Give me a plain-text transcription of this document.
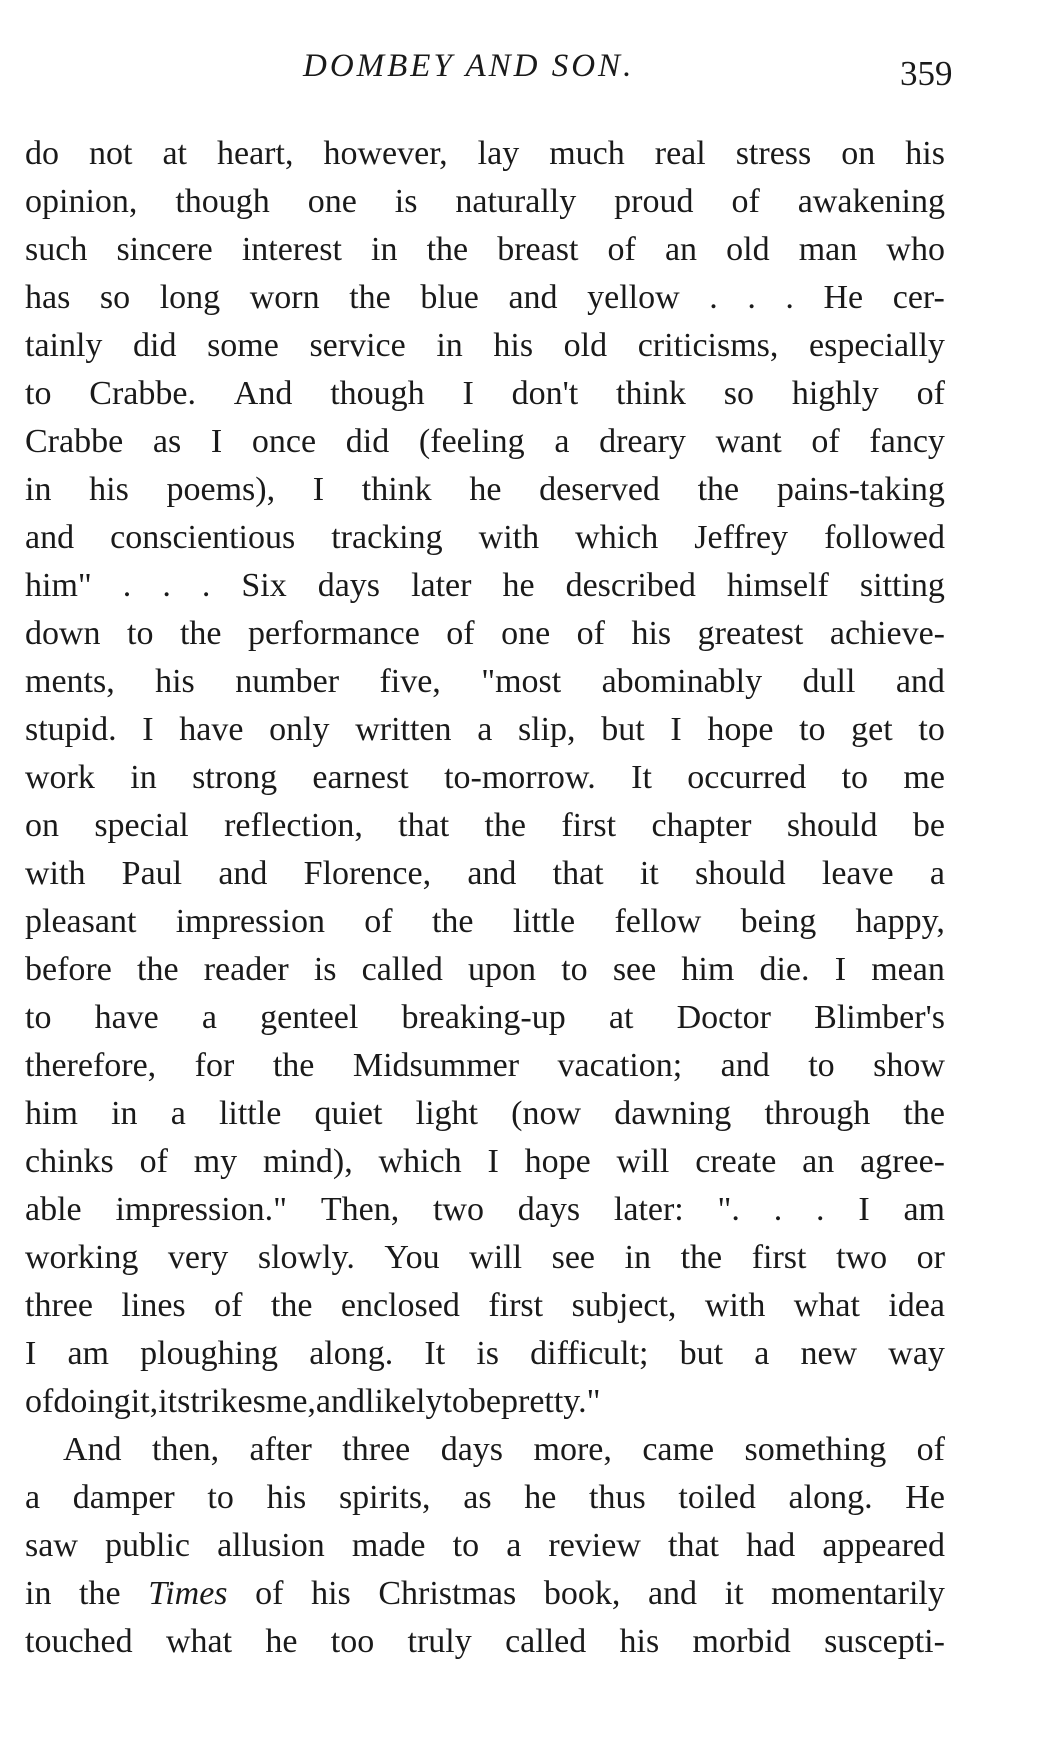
DOMBEY AND SON.	359
do not at heart, however, lay much real stress on his
opinion, though one is naturally proud of awakening
such sincere interest in the breast of an old man who
has so long worn the blue and yellow . . . He cer-
tainly did some service in his old criticisms, especially
to Crabbe. And though I don't think so highly of
Crabbe as I once did (feeling a dreary want of fancy
in his poems), I think he deserved the pains-taking
and conscientious tracking with which Jeffrey followed
him" . . . Six days later he described himself sitting
down to the performance of one of his greatest achieve-
ments, his number five, "most abominably dull and
stupid. I have only written a slip, but I hope to get to
work in strong earnest to-morrow. It occurred to me
on special reflection, that the first chapter should be
with Paul and Florence, and that it should leave a
pleasant impression of the little fellow being happy,
before the reader is called upon to see him die. I mean
to have a genteel breaking-up at Doctor Blimber's
therefore, for the Midsummer vacation; and to show
him in a little quiet light (now dawning through the
chinks of my mind), which I hope will create an agree-
able impression." Then, two days later: ". . . I am
working very slowly. You will see in the first two or
three lines of the enclosed first subject, with what idea
I am ploughing along. It is difficult; but a new way
of doing it, it strikes me, and likely to be pretty."
And then, after three days more, came something of
a damper to his spirits, as he thus toiled along. He
saw public allusion made to a review that had appeared
in the Times of his Christmas book, and it momentarily
touched what he too truly called his morbid suscepti-
